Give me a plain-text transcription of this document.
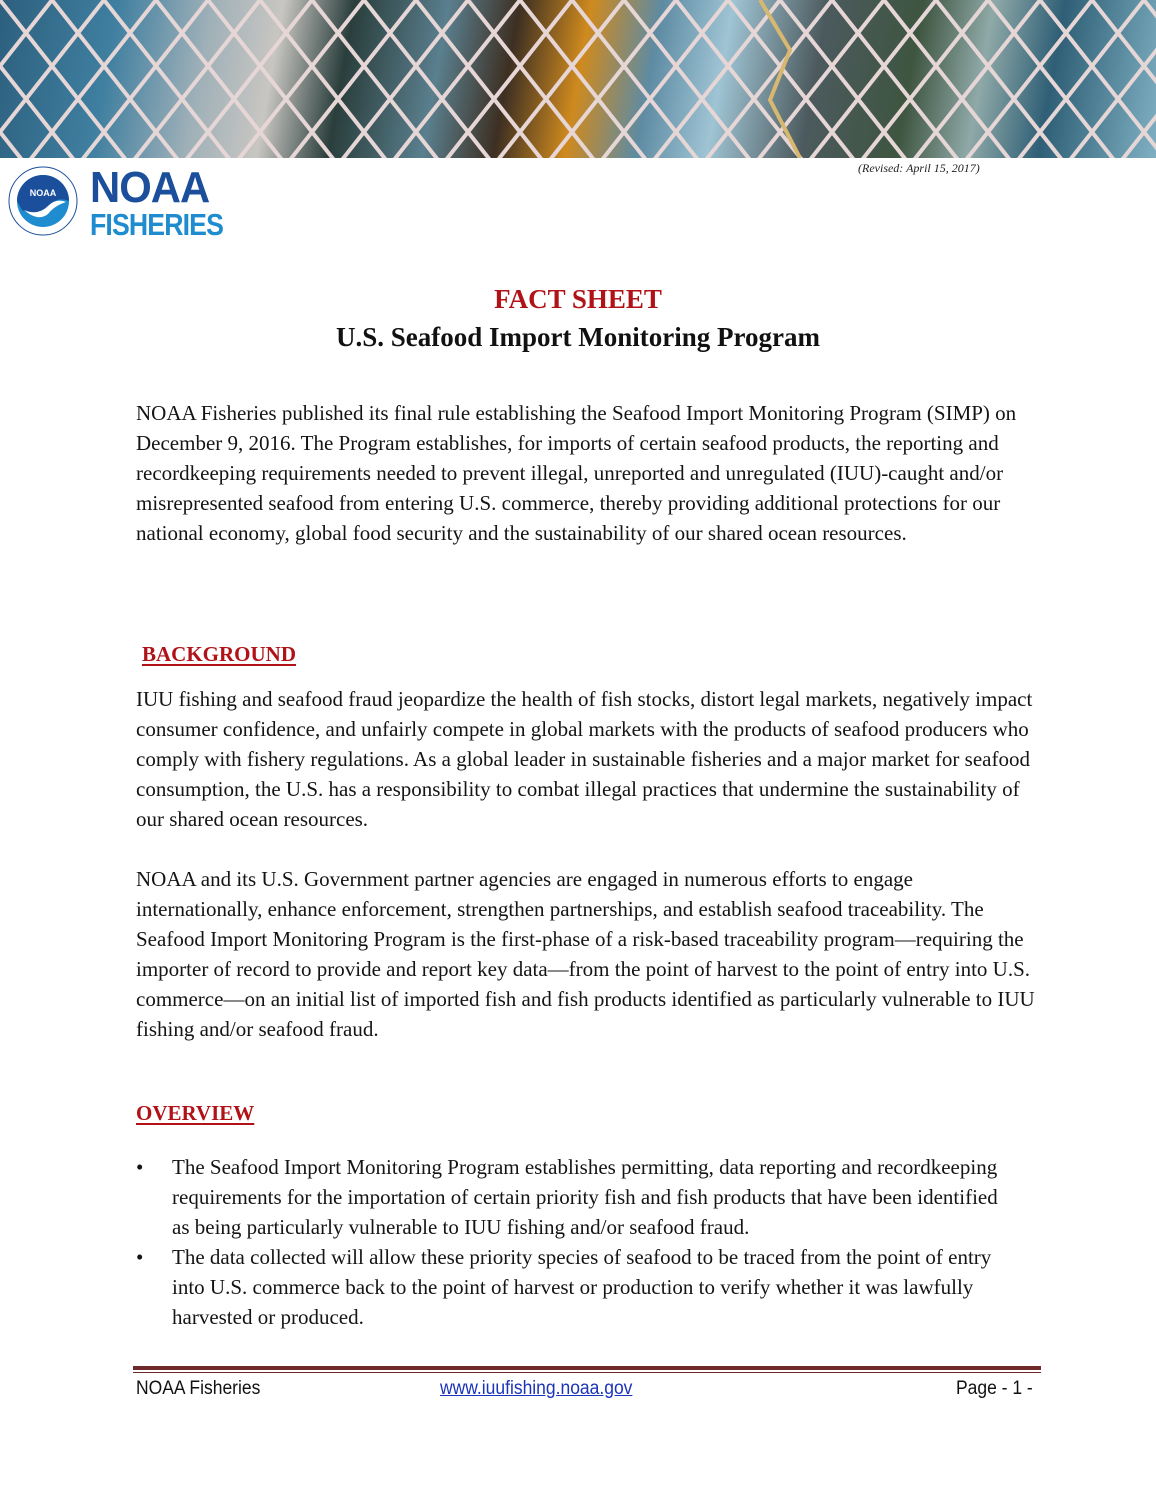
(Revised: April 15, 2017)
NOAA NOAA
FISHERIES
FACT SHEET
U.S. Seafood Import Monitoring Program

NOAA Fisheries published its final rule establishing the Seafood Import Monitoring Program (SIMP) on December 9, 2016. The Program establishes, for imports of certain seafood products, the reporting and recordkeeping requirements needed to prevent illegal, unreported and unregulated (IUU)-caught and/or misrepresented seafood from entering U.S. commerce, thereby providing additional protections for our national economy, global food security and the sustainability of our shared ocean resources.

BACKGROUND

IUU fishing and seafood fraud jeopardize the health of fish stocks, distort legal markets, negatively impact consumer confidence, and unfairly compete in global markets with the products of seafood producers who comply with fishery regulations. As a global leader in sustainable fisheries and a major market for seafood consumption, the U.S. has a responsibility to combat illegal practices that undermine the sustainability of our shared ocean resources.

NOAA and its U.S. Government partner agencies are engaged in numerous efforts to engage internationally, enhance enforcement, strengthen partnerships, and establish seafood traceability. The Seafood Import Monitoring Program is the first-phase of a risk-based traceability program—requiring the importer of record to provide and report key data—from the point of harvest to the point of entry into U.S. commerce—on an initial list of imported fish and fish products identified as particularly vulnerable to IUU fishing and/or seafood fraud.

OVERVIEW
• The Seafood Import Monitoring Program establishes permitting, data reporting and recordkeeping requirements for the importation of certain priority fish and fish products that have been identified as being particularly vulnerable to IUU fishing and/or seafood fraud.
• The data collected will allow these priority species of seafood to be traced from the point of entry into U.S. commerce back to the point of harvest or production to verify whether it was lawfully harvested or produced.
NOAA Fisheries	www.iuufishing.noaa.gov	Page - 1 -
